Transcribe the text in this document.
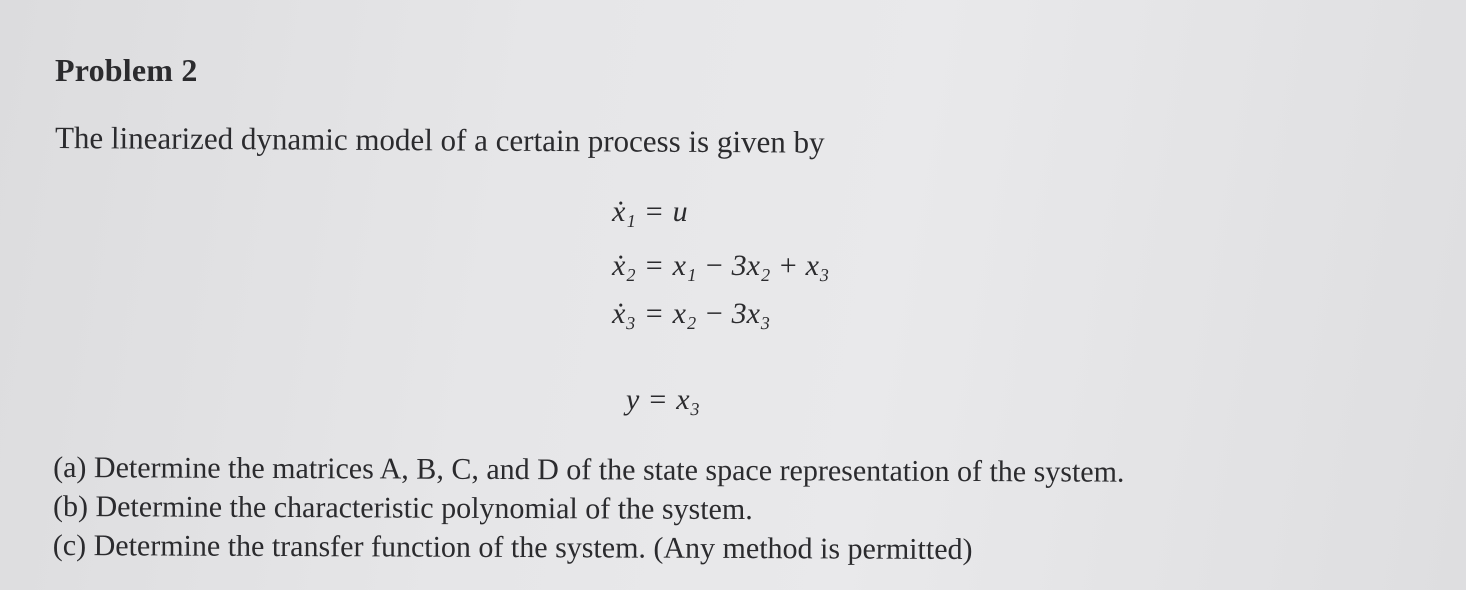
Problem 2

The linearized dynamic model of a certain process is given by

ẋ₁ = u
ẋ₂ = x₁ − 3x₂ + x₃
ẋ₃ = x₂ − 3x₃
y = x₃

(a) Determine the matrices A, B, C, and D of the state space representation of the system.

(b) Determine the characteristic polynomial of the system.

(c) Determine the transfer function of the system. (Any method is permitted)
